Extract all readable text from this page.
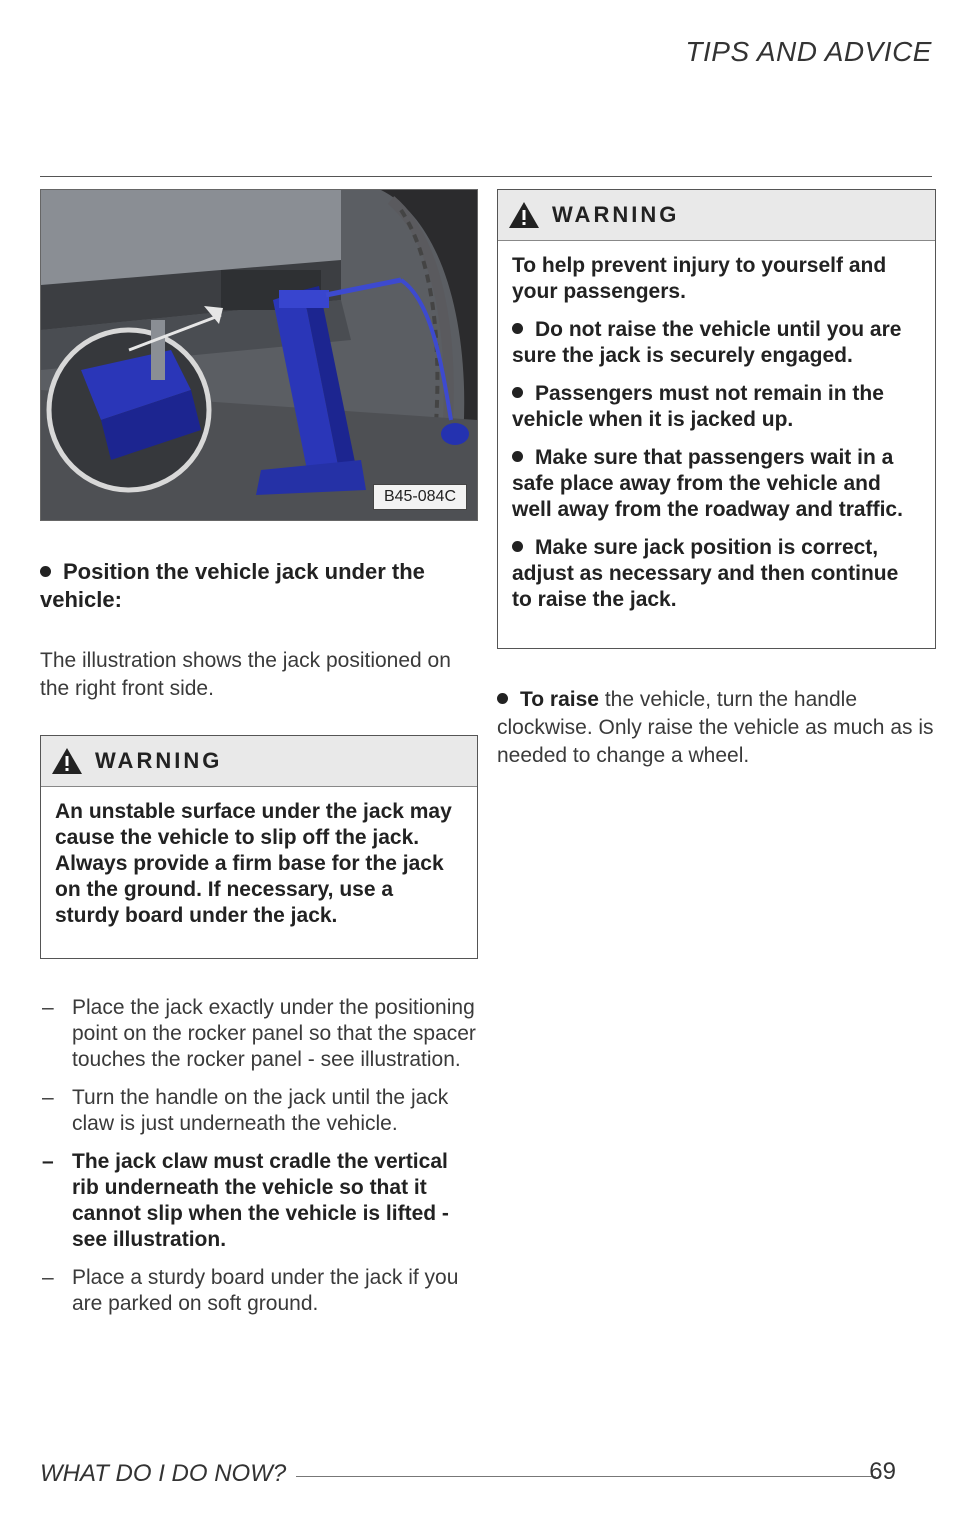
TIPS AND ADVICE
B45-084C
Position the vehicle jack under the vehicle:
The illustration shows the jack positioned on the right front side.
WARNING
An unstable surface under the jack may cause the vehicle to slip off the jack. Always provide a firm base for the jack on the ground. If necessary, use a sturdy board under the jack.
– Place the jack exactly under the positioning point on the rocker panel so that the spacer touches the rocker panel - see illustration.
– Turn the handle on the jack until the jack claw is just underneath the vehicle.
– The jack claw must cradle the vertical rib underneath the vehicle so that it cannot slip when the vehicle is lifted - see illustration.
– Place a sturdy board under the jack if you are parked on soft ground.
WARNING

To help prevent injury to yourself and your passengers.

Do not raise the vehicle until you are sure the jack is securely engaged.

Passengers must not remain in the vehicle when it is jacked up.

Make sure that passengers wait in a safe place away from the vehicle and well away from the roadway and traffic.

Make sure jack position is correct, adjust as necessary and then continue to raise the jack.

To raise the vehicle, turn the handle clockwise. Only raise the vehicle as much as is needed to change a wheel.
WHAT DO I DO NOW?	69
